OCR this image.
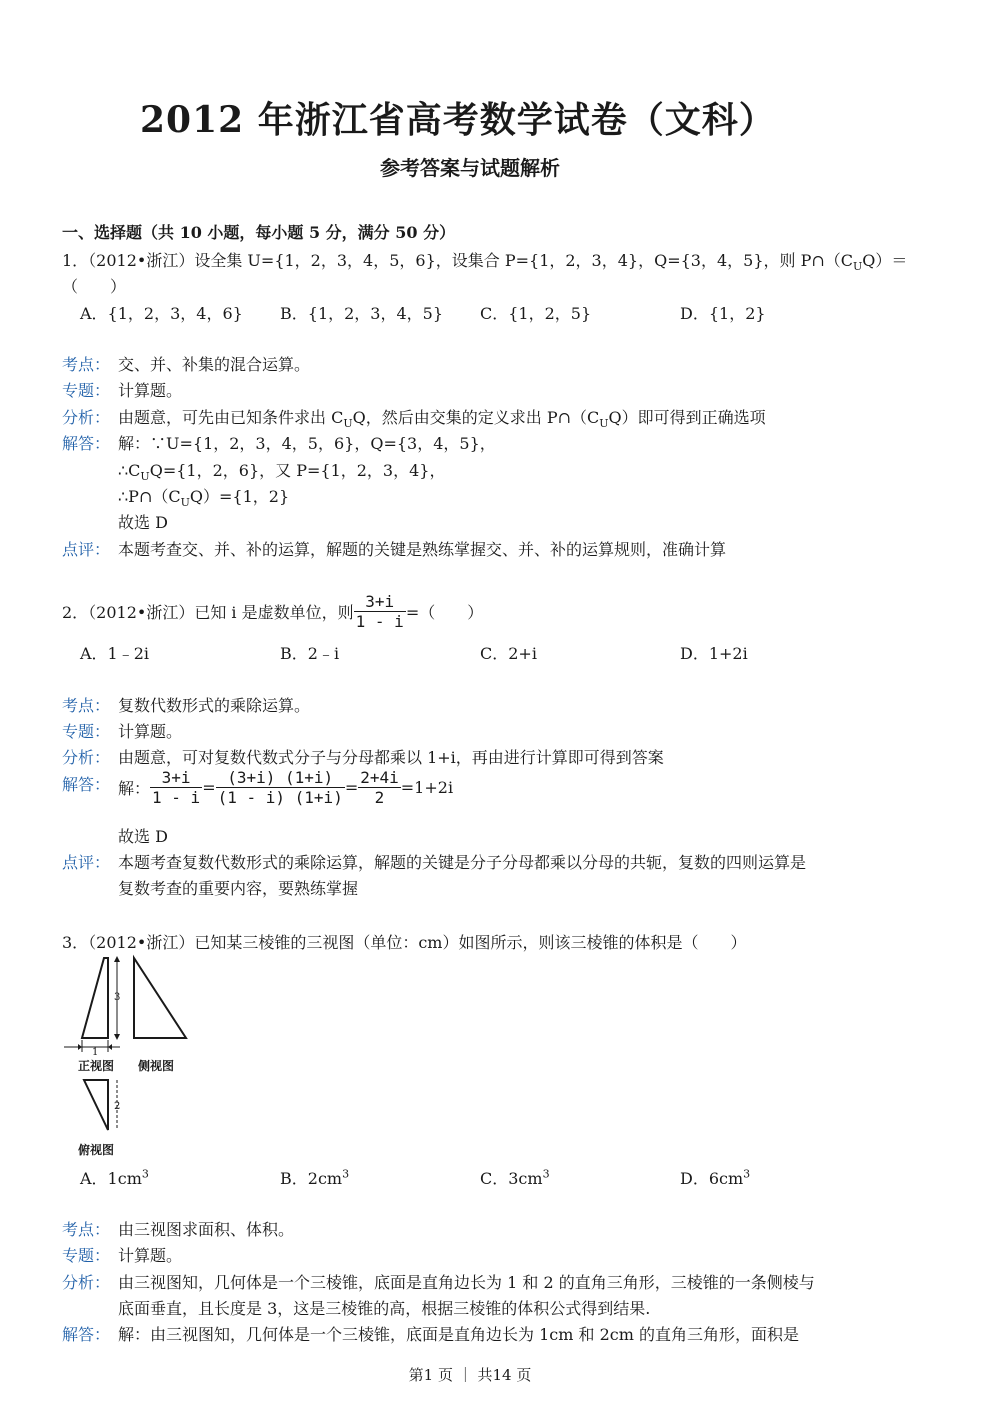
2012 年浙江省高考数学试卷（文科）
参考答案与试题解析
一、选择题（共 10 小题，每小题 5 分，满分 50 分）
1．（2012•浙江）设全集 U={1，2，3，4，5，6}，设集合 P={1，2，3，4}，Q={3，4，5}，则 $P\cap(C_UQ)=$
（　　）
A．{1，2，3，4，6} B．{1，2，3，4，5} C．{1，2，5}	D．{1，2}
考点： 交、并、补集的混合运算。
专题： 计算题。
分析： 由题意，可先由已知条件求出 $C_UQ$，然后由交集的定义求出 $P\cap(C_UQ)$即可得到正确选项
解答： 解：∵U={1，2，3，4，5，6}，Q={3，4，5}，
$\therefore C_UQ=\{1$，2，6}，又 P={1，2，3，4}，
$\therefore P\cap(C_UQ)=\{1$，2}
故选 D
点评： 本题考查交、并、补的运算，解题的关键是熟练掌握交、并、补的运算规则，准确计算
2．（2012•浙江）已知 i 是虚数单位，则 $\frac{3+i}{1 - i}$ =（　　）
A．1﹣2i	B．2﹣i	C．2+i	D．1+2i
考点： 复数代数形式的乘除运算。
专题： 计算题。
分析： 由题意，可对复数代数式分子与分母都乘以 1+i，再由进行计算即可得到答案
解答： 解： $\frac{3+i}{1 - i} = \frac{(3+i) (1+i)}{(1 - i) (1+i)} = \frac{2+4i}{2} =1+2i$
故选 D
点评： 本题考查复数代数形式的乘除运算，解题的关键是分子分母都乘以分母的共轭，复数的四则运算是
复数考查的重要内容，要熟练掌握
3．（2012•浙江）已知某三棱锥的三视图（单位：cm）如图所示，则该三棱锥的体积是（　　）
3
1
正视图 侧视图
2
俯视图
A．$1cm^3$	B．$2cm^3$	C．$3cm^3$	D．$6cm^3$
考点： 由三视图求面积、体积。
专题： 计算题。
分析： 由三视图知，几何体是一个三棱锥，底面是直角边长为 1 和 2 的直角三角形，三棱锥的一条侧棱与
底面垂直，且长度是 3，这是三棱锥的高，根据三棱锥的体积公式得到结果.
解答： 解：由三视图知，几何体是一个三棱锥，底面是直角边长为 1cm 和 2cm 的直角三角形，面积是
第1 页 ｜ 共14 页
